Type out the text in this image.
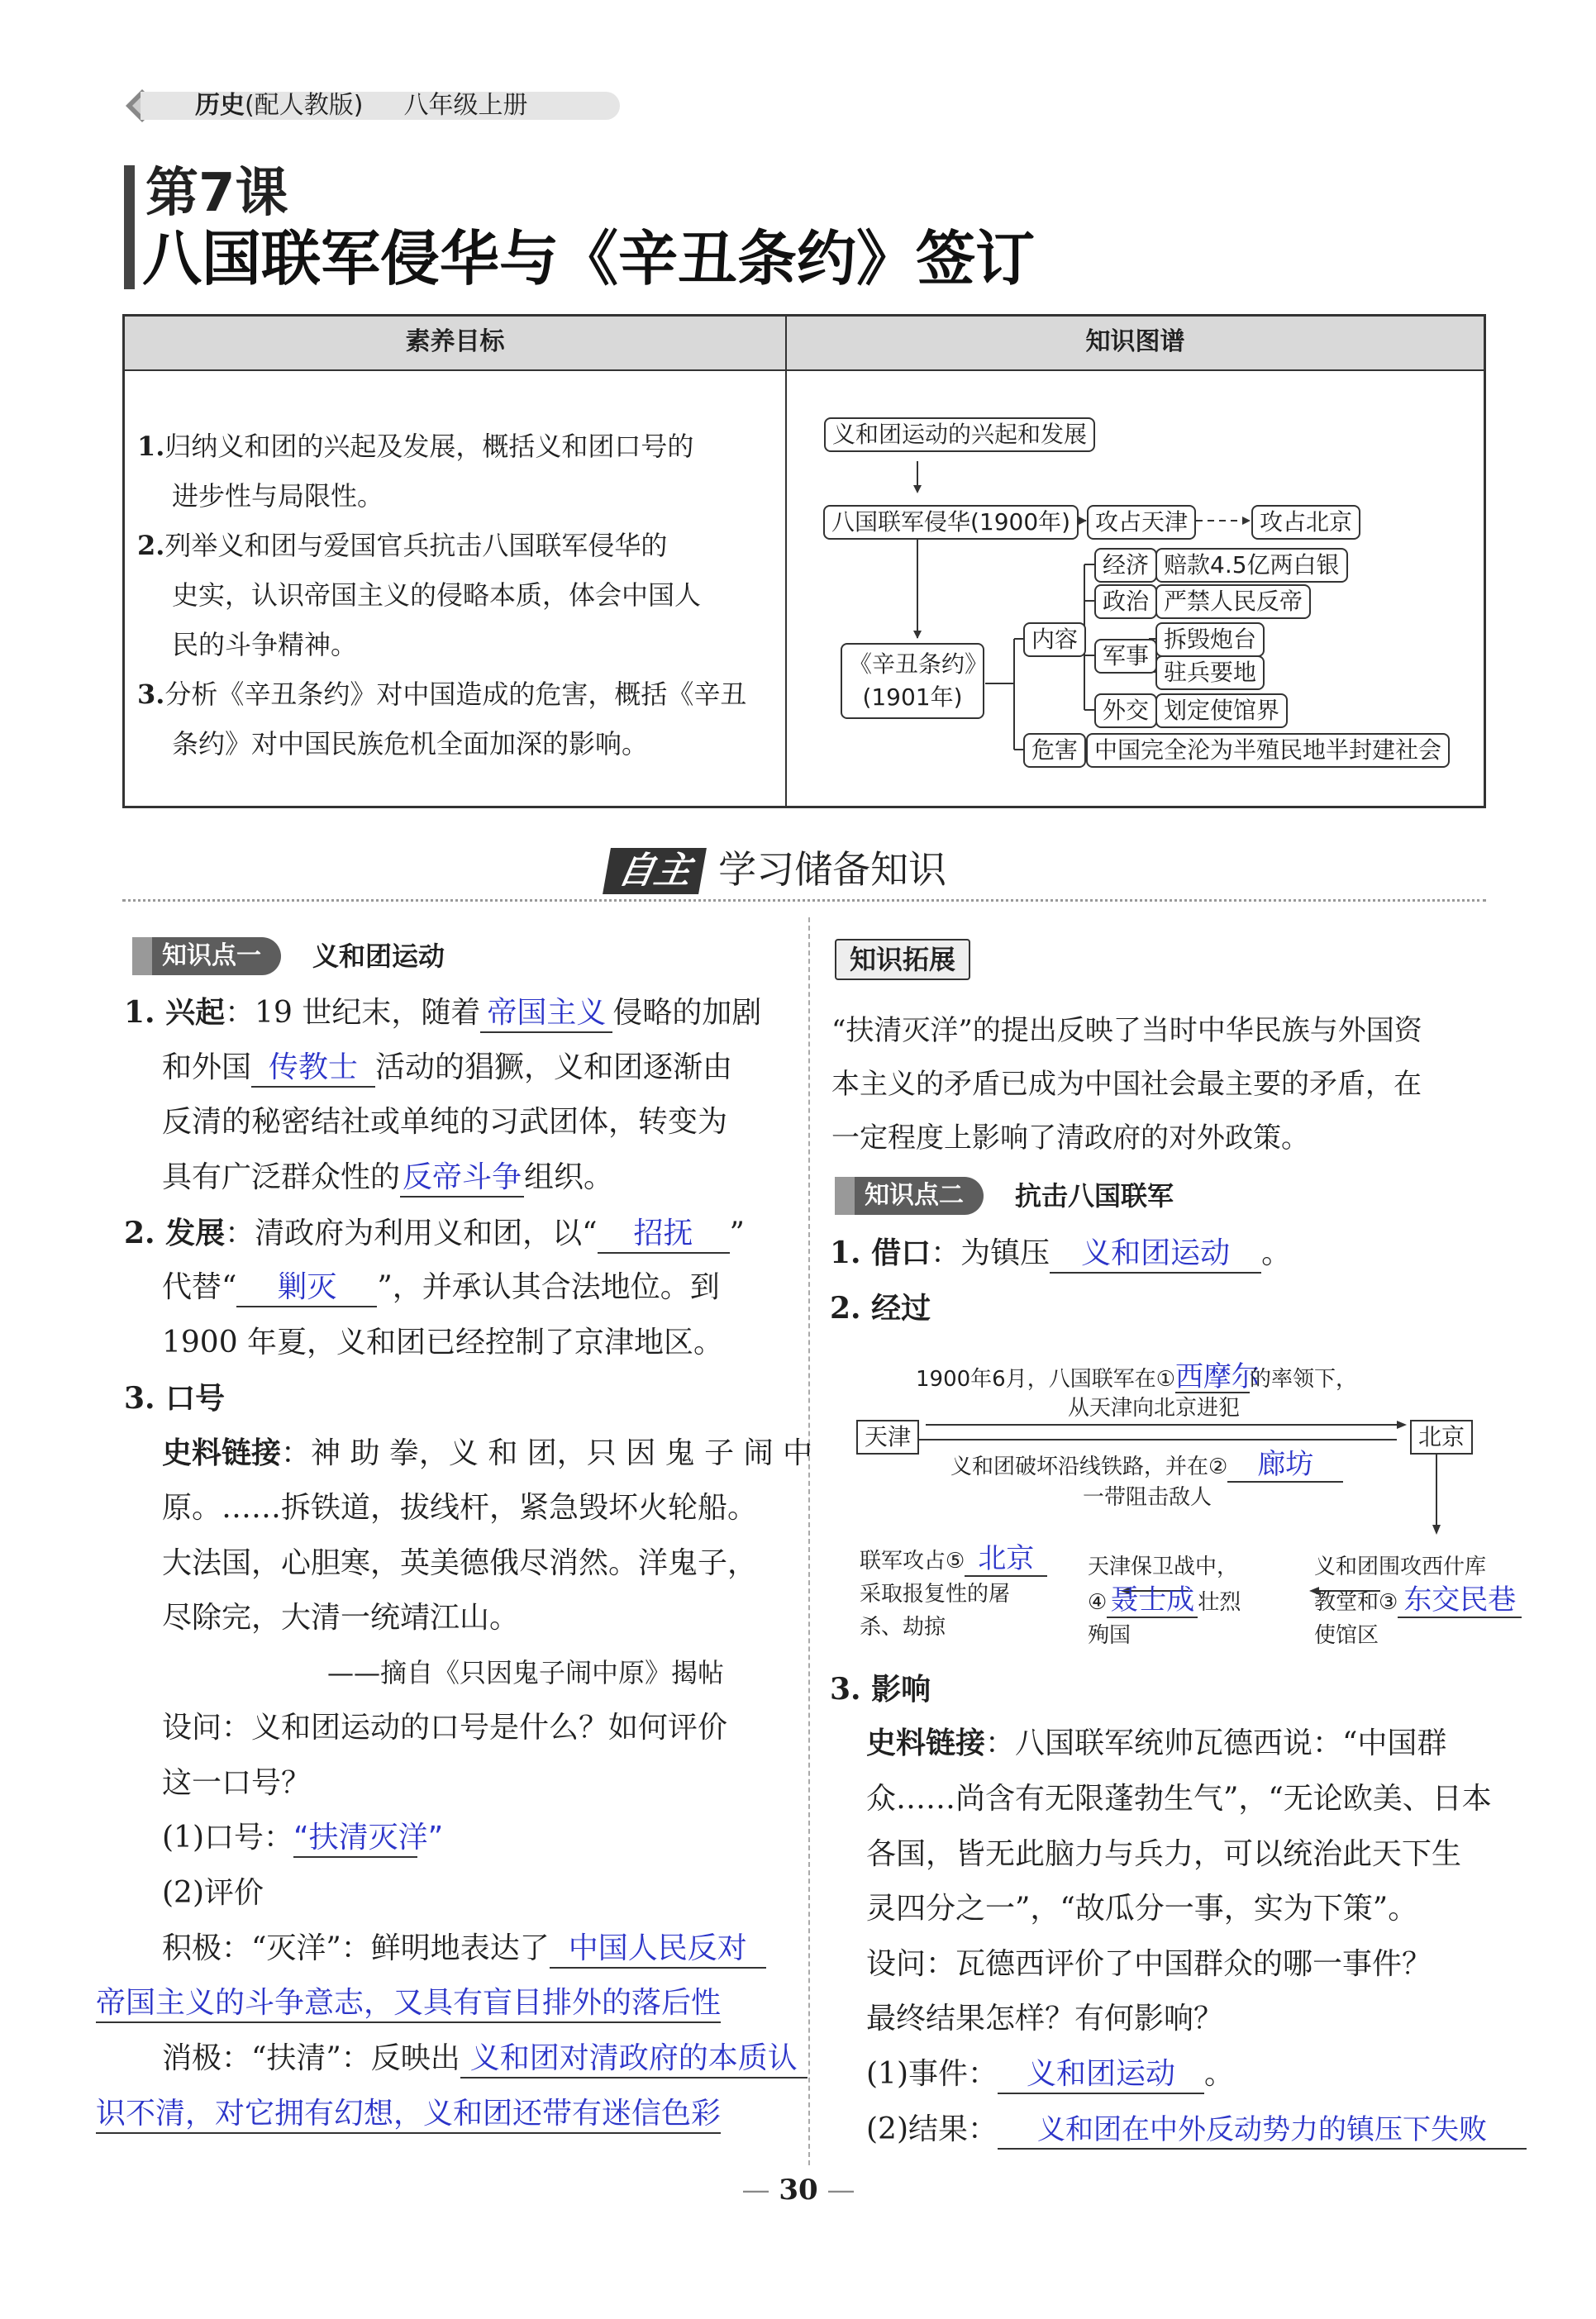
历史(配人教版) 八年级上册
第7课
八国联军侵华与《辛丑条约》签订
素养目标	知识图谱
1.归纳义和团的兴起及发展，概括义和团口号的
进步性与局限性。
2.列举义和团与爱国官兵抗击八国联军侵华的
史实，认识帝国主义的侵略本质，体会中国人
民的斗争精神。
3.分析《辛丑条约》对中国造成的危害，概括《辛丑
条约》对中国民族危机全面加深的影响。
义和团运动的兴起和发展
八国联军侵华(1900年)	攻占天津	攻占北京
《辛丑条约》
(1901年)
内容
危害
经济 赔款4.5亿两白银
政治 严禁人民反帝
军事
拆毁炮台
驻兵要地
外交 划定使馆界
中国完全沦为半殖民地半封建社会
自主 学习储备知识
知识点一	义和团运动
1. 兴起：19 世纪末，随着 帝国主义 侵略的加剧
和外国 传教士 活动的猖獗，义和团逐渐由
反清的秘密结社或单纯的习武团体，转变为
具有广泛群众性的反帝斗争组织。
2. 发展：清政府为利用义和团，以“ 招抚 ”
代替“ 剿灭 ”，并承认其合法地位。到
1900 年夏，义和团已经控制了京津地区。
3. 口号
史料链接：神 助 拳，义 和 团，只 因 鬼 子 闹 中
原。……拆铁道，拔线杆，紧急毁坏火轮船。
大法国，心胆寒，英美德俄尽消然。洋鬼子，
尽除完，大清一统靖江山。
——摘自《只因鬼子闹中原》揭帖
设问：义和团运动的口号是什么？如何评价
这一口号？
(1)口号：“扶清灭洋”
(2)评价
积极：“灭洋”：鲜明地表达了 中国人民反对
帝国主义的斗争意志，又具有盲目排外的落后性
消极：“扶清”：反映出 义和团对清政府的本质认
识不清，对它拥有幻想，义和团还带有迷信色彩
知识拓展
“扶清灭洋”的提出反映了当时中华民族与外国资
本主义的矛盾已成为中国社会最主要的矛盾，在
一定程度上影响了清政府的对外政策。
知识点二	抗击八国联军
1. 借口：为镇压 义和团运动 。
2. 经过
1900年6月，八国联军在①西摩尔的率领下，
从天津向北京进犯
天津	北京
义和团破坏沿线铁路，并在② 廊坊
一带阻击敌人
联军攻占⑤ 北京
采取报复性的屠
杀、劫掠
天津保卫战中，
④ 聂士成 壮烈
殉国
义和团围攻西什库
教堂和③ 东交民巷
使馆区
3. 影响
史料链接：八国联军统帅瓦德西说：“中国群
众……尚含有无限蓬勃生气”，“无论欧美、日本
各国，皆无此脑力与兵力，可以统治此天下生
灵四分之一”，“故瓜分一事，实为下策”。
设问：瓦德西评价了中国群众的哪一事件？
最终结果怎样？有何影响？
(1)事件： 义和团运动 。
(2)结果： 义和团在中外反动势力的镇压下失败
— 30 —
